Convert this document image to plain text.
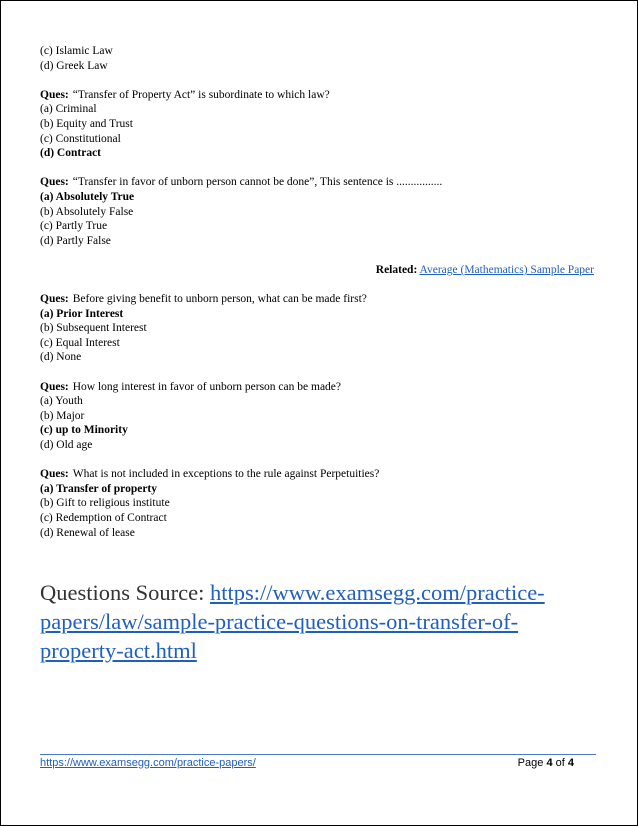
(c) Islamic Law
(d) Greek Law
Ques: “Transfer of Property Act” is subordinate to which law?
(a) Criminal
(b) Equity and Trust
(c) Constitutional
(d) Contract
Ques: “Transfer in favor of unborn person cannot be done”, This sentence is ................
(a) Absolutely True
(b) Absolutely False
(c) Partly True
(d) Partly False
Related: Average (Mathematics) Sample Paper
Ques: Before giving benefit to unborn person, what can be made first?
(a) Prior Interest
(b) Subsequent Interest
(c) Equal Interest
(d) None
Ques: How long interest in favor of unborn person can be made?
(a) Youth
(b) Major
(c) up to Minority
(d) Old age
Ques: What is not included in exceptions to the rule against Perpetuities?
(a) Transfer of property
(b) Gift to religious institute
(c) Redemption of Contract
(d) Renewal of lease
Questions Source: https://www.examsegg.com/practice-
papers/law/sample-practice-questions-on-transfer-of-
property-act.html
https://www.examsegg.com/practice-papers/	Page 4 of 4
